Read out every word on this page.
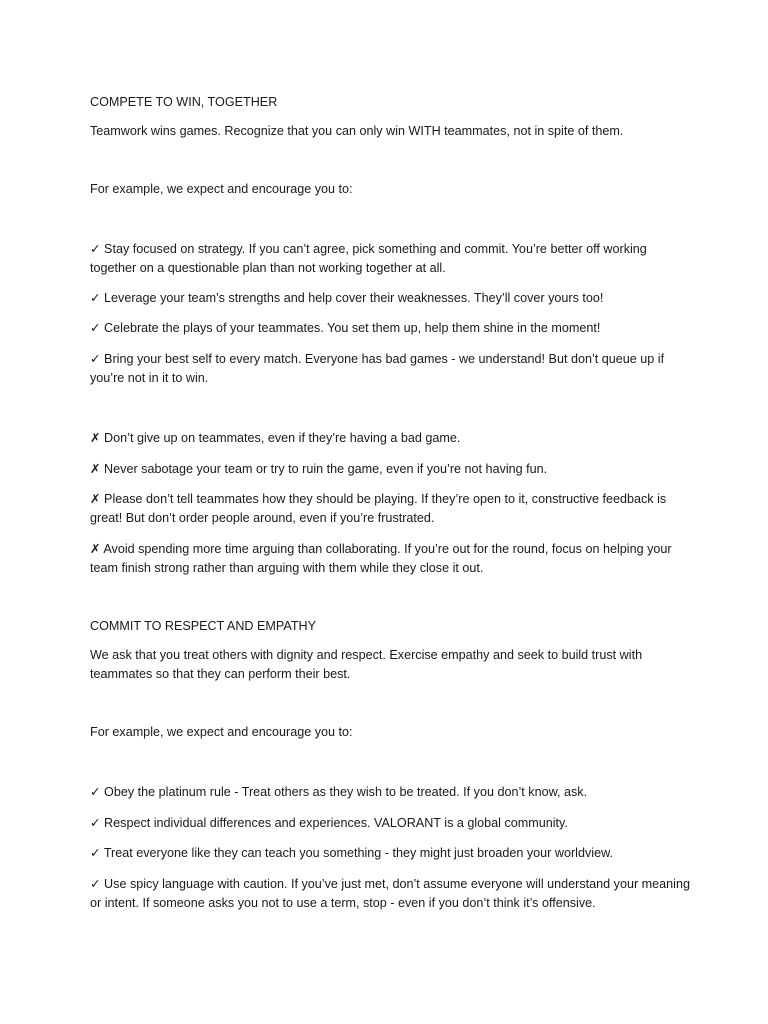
COMPETE TO WIN, TOGETHER

Teamwork wins games. Recognize that you can only win WITH teammates, not in spite of them.

For example, we expect and encourage you to:

✓ Stay focused on strategy. If you can’t agree, pick something and commit. You’re better off working together on a questionable plan than not working together at all.

✓ Leverage your team’s strengths and help cover their weaknesses. They’ll cover yours too!

✓ Celebrate the plays of your teammates. You set them up, help them shine in the moment!

✓ Bring your best self to every match. Everyone has bad games - we understand! But don’t queue up if you’re not in it to win.

✗ Don’t give up on teammates, even if they’re having a bad game.

✗ Never sabotage your team or try to ruin the game, even if you’re not having fun.

✗ Please don’t tell teammates how they should be playing. If they’re open to it, constructive feedback is great! But don’t order people around, even if you’re frustrated.

✗ Avoid spending more time arguing than collaborating. If you’re out for the round, focus on helping your team finish strong rather than arguing with them while they close it out.

COMMIT TO RESPECT AND EMPATHY

We ask that you treat others with dignity and respect. Exercise empathy and seek to build trust with teammates so that they can perform their best.

For example, we expect and encourage you to:

✓ Obey the platinum rule - Treat others as they wish to be treated. If you don’t know, ask.

✓ Respect individual differences and experiences. VALORANT is a global community.

✓ Treat everyone like they can teach you something - they might just broaden your worldview.

✓ Use spicy language with caution. If you’ve just met, don’t assume everyone will understand your meaning or intent. If someone asks you not to use a term, stop - even if you don’t think it’s offensive.
